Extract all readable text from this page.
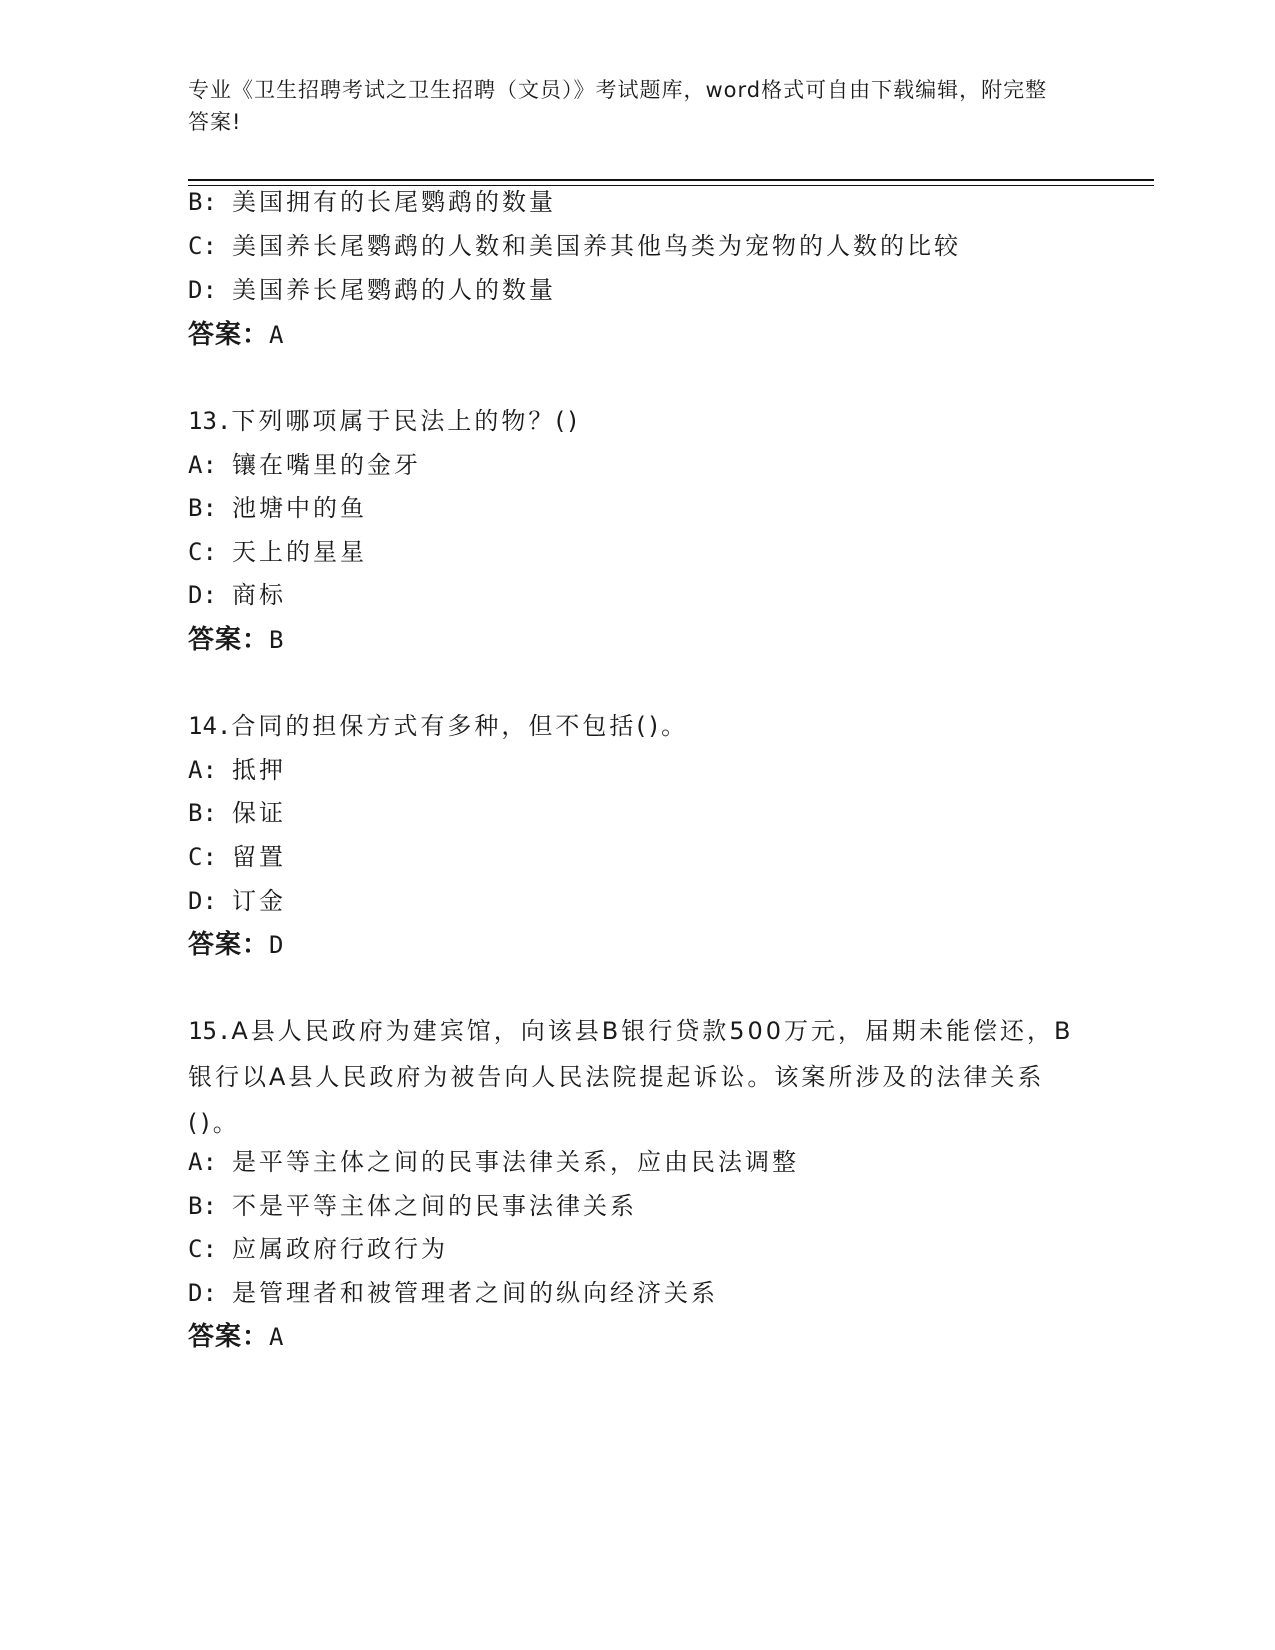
专业《卫生招聘考试之卫生招聘（文员）》考试题库，word格式可自由下载编辑，附完整答案!
B: 美国拥有的长尾鹦鹉的数量
C: 美国养长尾鹦鹉的人数和美国养其他鸟类为宠物的人数的比较
D: 美国养长尾鹦鹉的人的数量
答案：A
13.下列哪项属于民法上的物？()
A: 镶在嘴里的金牙
B: 池塘中的鱼
C: 天上的星星
D: 商标
答案：B
14.合同的担保方式有多种，但不包括()。
A: 抵押
B: 保证
C: 留置
D: 订金
答案：D
15.A县人民政府为建宾馆，向该县B银行贷款500万元，届期未能偿还，B银行以A县人民政府为被告向人民法院提起诉讼。该案所涉及的法律关系()。
A: 是平等主体之间的民事法律关系，应由民法调整
B: 不是平等主体之间的民事法律关系
C: 应属政府行政行为
D: 是管理者和被管理者之间的纵向经济关系
答案：A
